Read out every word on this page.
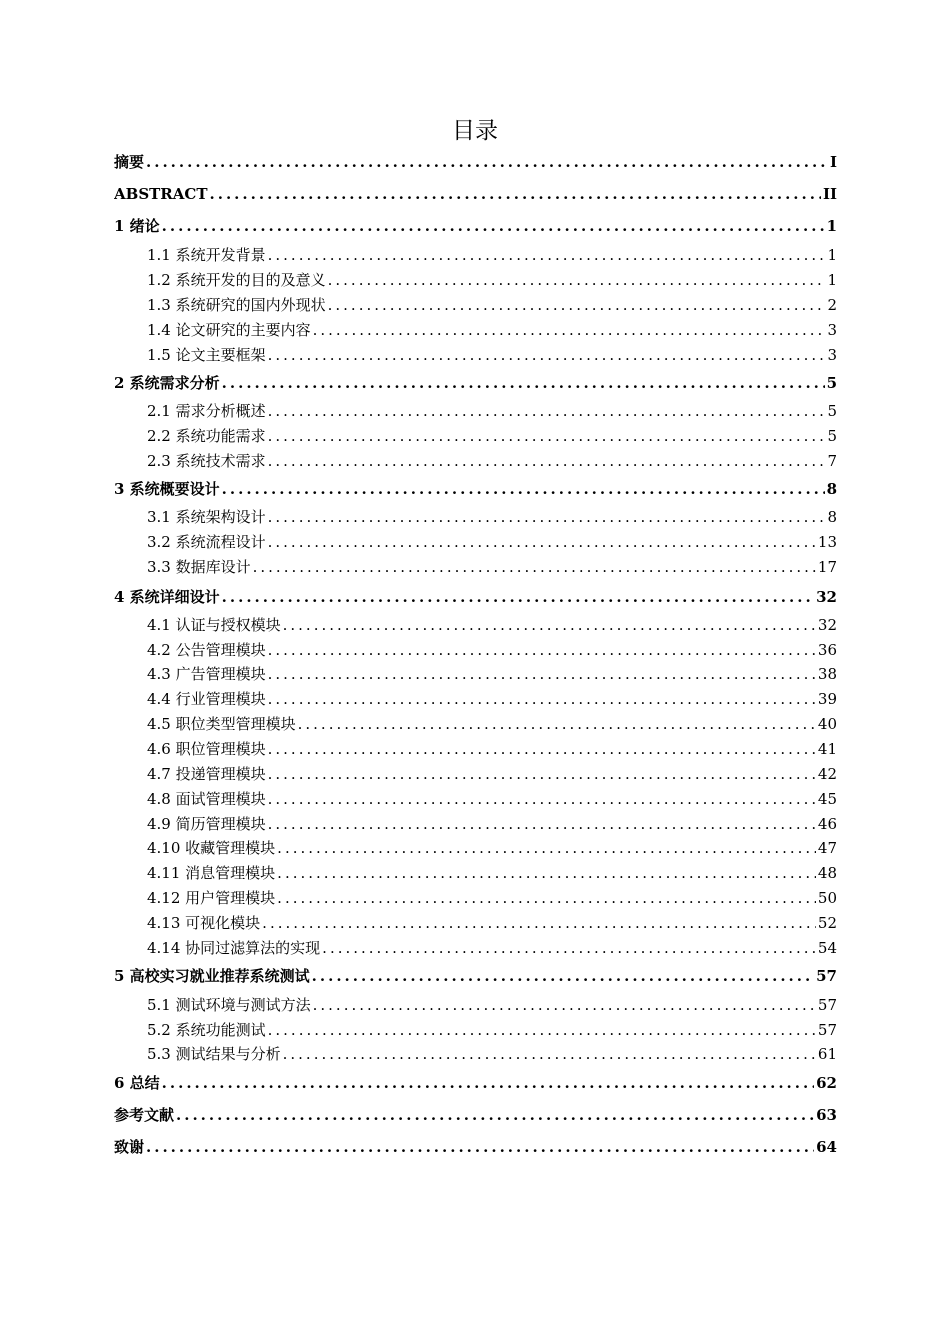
目录
摘要 .....	I
ABSTRACT .....	II
1 绪论 .....	1
1.1 系统开发背景 .....	1
1.2 系统开发的目的及意义 .....	1
1.3 系统研究的国内外现状 .....	2
1.4 论文研究的主要内容 .....	3
1.5 论文主要框架 .....	3
2 系统需求分析 .....	5
2.1 需求分析概述 .....	5
2.2 系统功能需求 .....	5
2.3 系统技术需求 .....	7
3 系统概要设计 .....	8
3.1 系统架构设计 .....	8
3.2 系统流程设计 .....	13
3.3 数据库设计 .....	17
4 系统详细设计 .....	32
4.1 认证与授权模块 .....	32
4.2 公告管理模块 .....	36
4.3 广告管理模块 .....	38
4.4 行业管理模块 .....	39
4.5 职位类型管理模块 .....	40
4.6 职位管理模块 .....	41
4.7 投递管理模块 .....	42
4.8 面试管理模块 .....	45
4.9 简历管理模块 .....	46
4.10 收藏管理模块 .....	47
4.11 消息管理模块 .....	48
4.12 用户管理模块 .....	50
4.13 可视化模块 .....	52
4.14 协同过滤算法的实现 .....	54
5 高校实习就业推荐系统测试 .....	57
5.1 测试环境与测试方法 .....	57
5.2 系统功能测试 .....	57
5.3 测试结果与分析 .....	61
6 总结 .....	62
参考文献 .....	63
致谢 .....	64
